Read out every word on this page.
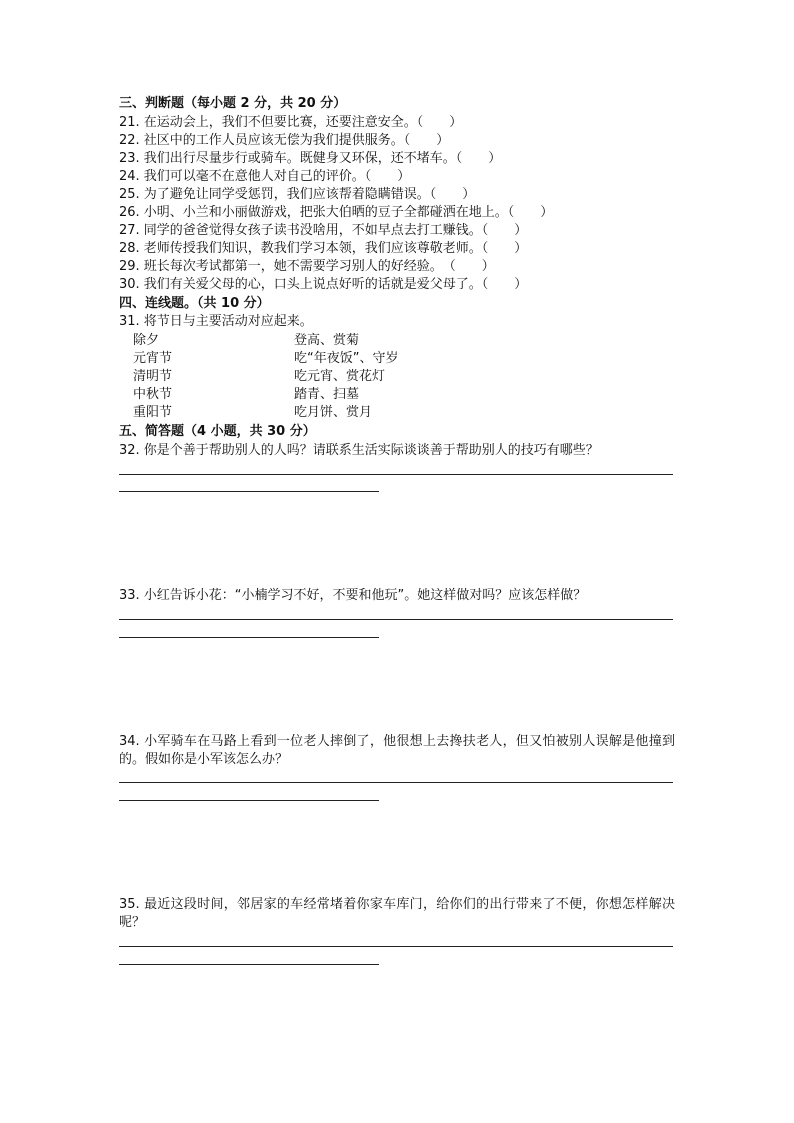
三、判断题（每小题 2 分，共 20 分）
21. 在运动会上，我们不但要比赛，还要注意安全。（　　）
22. 社区中的工作人员应该无偿为我们提供服务。（　　）
23. 我们出行尽量步行或骑车。既健身又环保，还不堵车。（　　）
24. 我们可以毫不在意他人对自己的评价。（　　）
25. 为了避免让同学受惩罚，我们应该帮着隐瞒错误。（　　）
26. 小明、小兰和小丽做游戏，把张大伯晒的豆子全都碰洒在地上。（　　）
27. 同学的爸爸觉得女孩子读书没啥用，不如早点去打工赚钱。（　　）
28. 老师传授我们知识，教我们学习本领，我们应该尊敬老师。（　　）
29. 班长每次考试都第一，她不需要学习别人的好经验。　（　　）
30. 我们有关爱父母的心，口头上说点好听的话就是爱父母了。（　　）
四、连线题。（共 10 分）
31. 将节日与主要活动对应起来。
除夕	登高、赏菊
元宵节	吃“年夜饭”、守岁
清明节	吃元宵、赏花灯
中秋节	踏青、扫墓
重阳节	吃月饼、赏月
五、简答题（4 小题，共 30 分）
32. 你是个善于帮助别人的人吗？请联系生活实际谈谈善于帮助别人的技巧有哪些？
33. 小红告诉小花：“小楠学习不好，不要和他玩”。她这样做对吗？应该怎样做？
34. 小军骑车在马路上看到一位老人摔倒了，他很想上去搀扶老人，但又怕被别人误解是他撞到的。假如你是小军该怎么办？
35. 最近这段时间，邻居家的车经常堵着你家车库门，给你们的出行带来了不便，你想怎样解决呢？
